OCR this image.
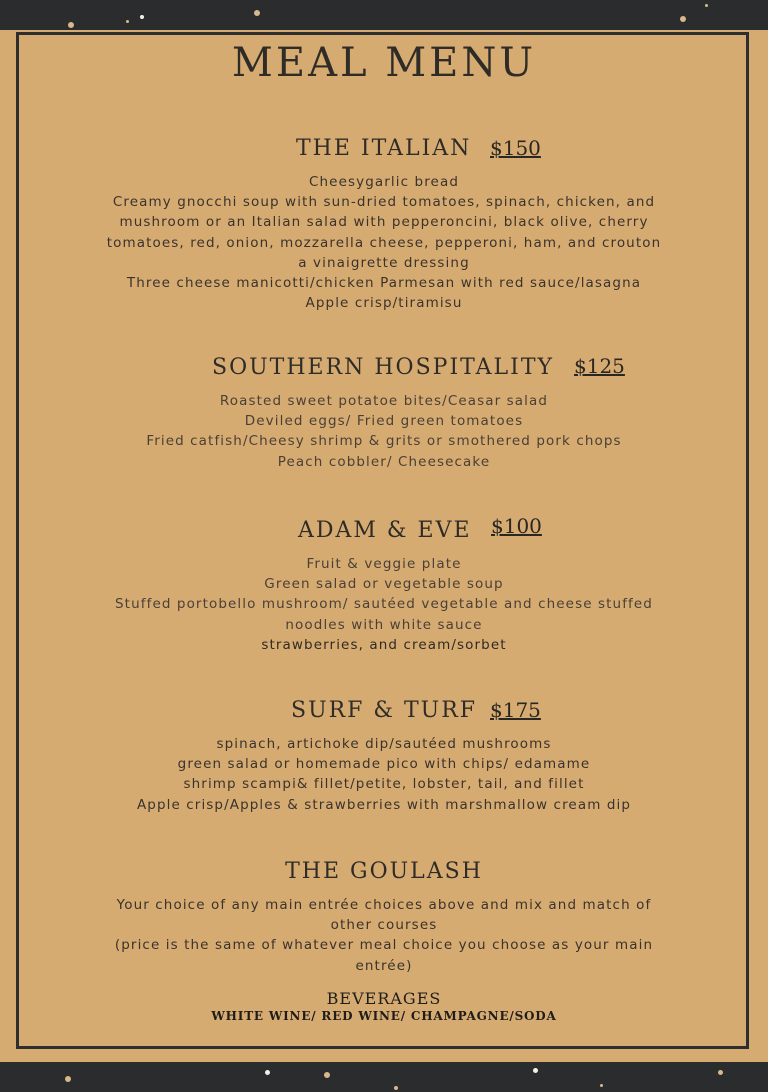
MEAL MENU
THE ITALIAN $150
Cheesygarlic bread
Creamy gnocchi soup with sun-dried tomatoes, spinach, chicken, and
mushroom or an Italian salad with pepperoncini, black olive, cherry
tomatoes, red, onion, mozzarella cheese, pepperoni, ham, and crouton
a vinaigrette dressing
Three cheese manicotti/chicken Parmesan with red sauce/lasagna
Apple crisp/tiramisu
SOUTHERN HOSPITALITY $125
Roasted sweet potatoe bites/Ceasar salad
Deviled eggs/ Fried green tomatoes
Fried catfish/Cheesy shrimp & grits or smothered pork chops
Peach cobbler/ Cheesecake
ADAM & EVE $100
Fruit & veggie plate
Green salad or vegetable soup
Stuffed portobello mushroom/ sautéed vegetable and cheese stuffed
noodles with white sauce
strawberries, and cream/sorbet
SURF & TURF $175
spinach, artichoke dip/sautéed mushrooms
green salad or homemade pico with chips/ edamame
shrimp scampi& fillet/petite, lobster, tail, and fillet
Apple crisp/Apples & strawberries with marshmallow cream dip
THE GOULASH
Your choice of any main entrée choices above and mix and match of
other courses
(price is the same of whatever meal choice you choose as your main
entrée)
BEVERAGES
WHITE WINE/ RED WINE/ CHAMPAGNE/SODA
